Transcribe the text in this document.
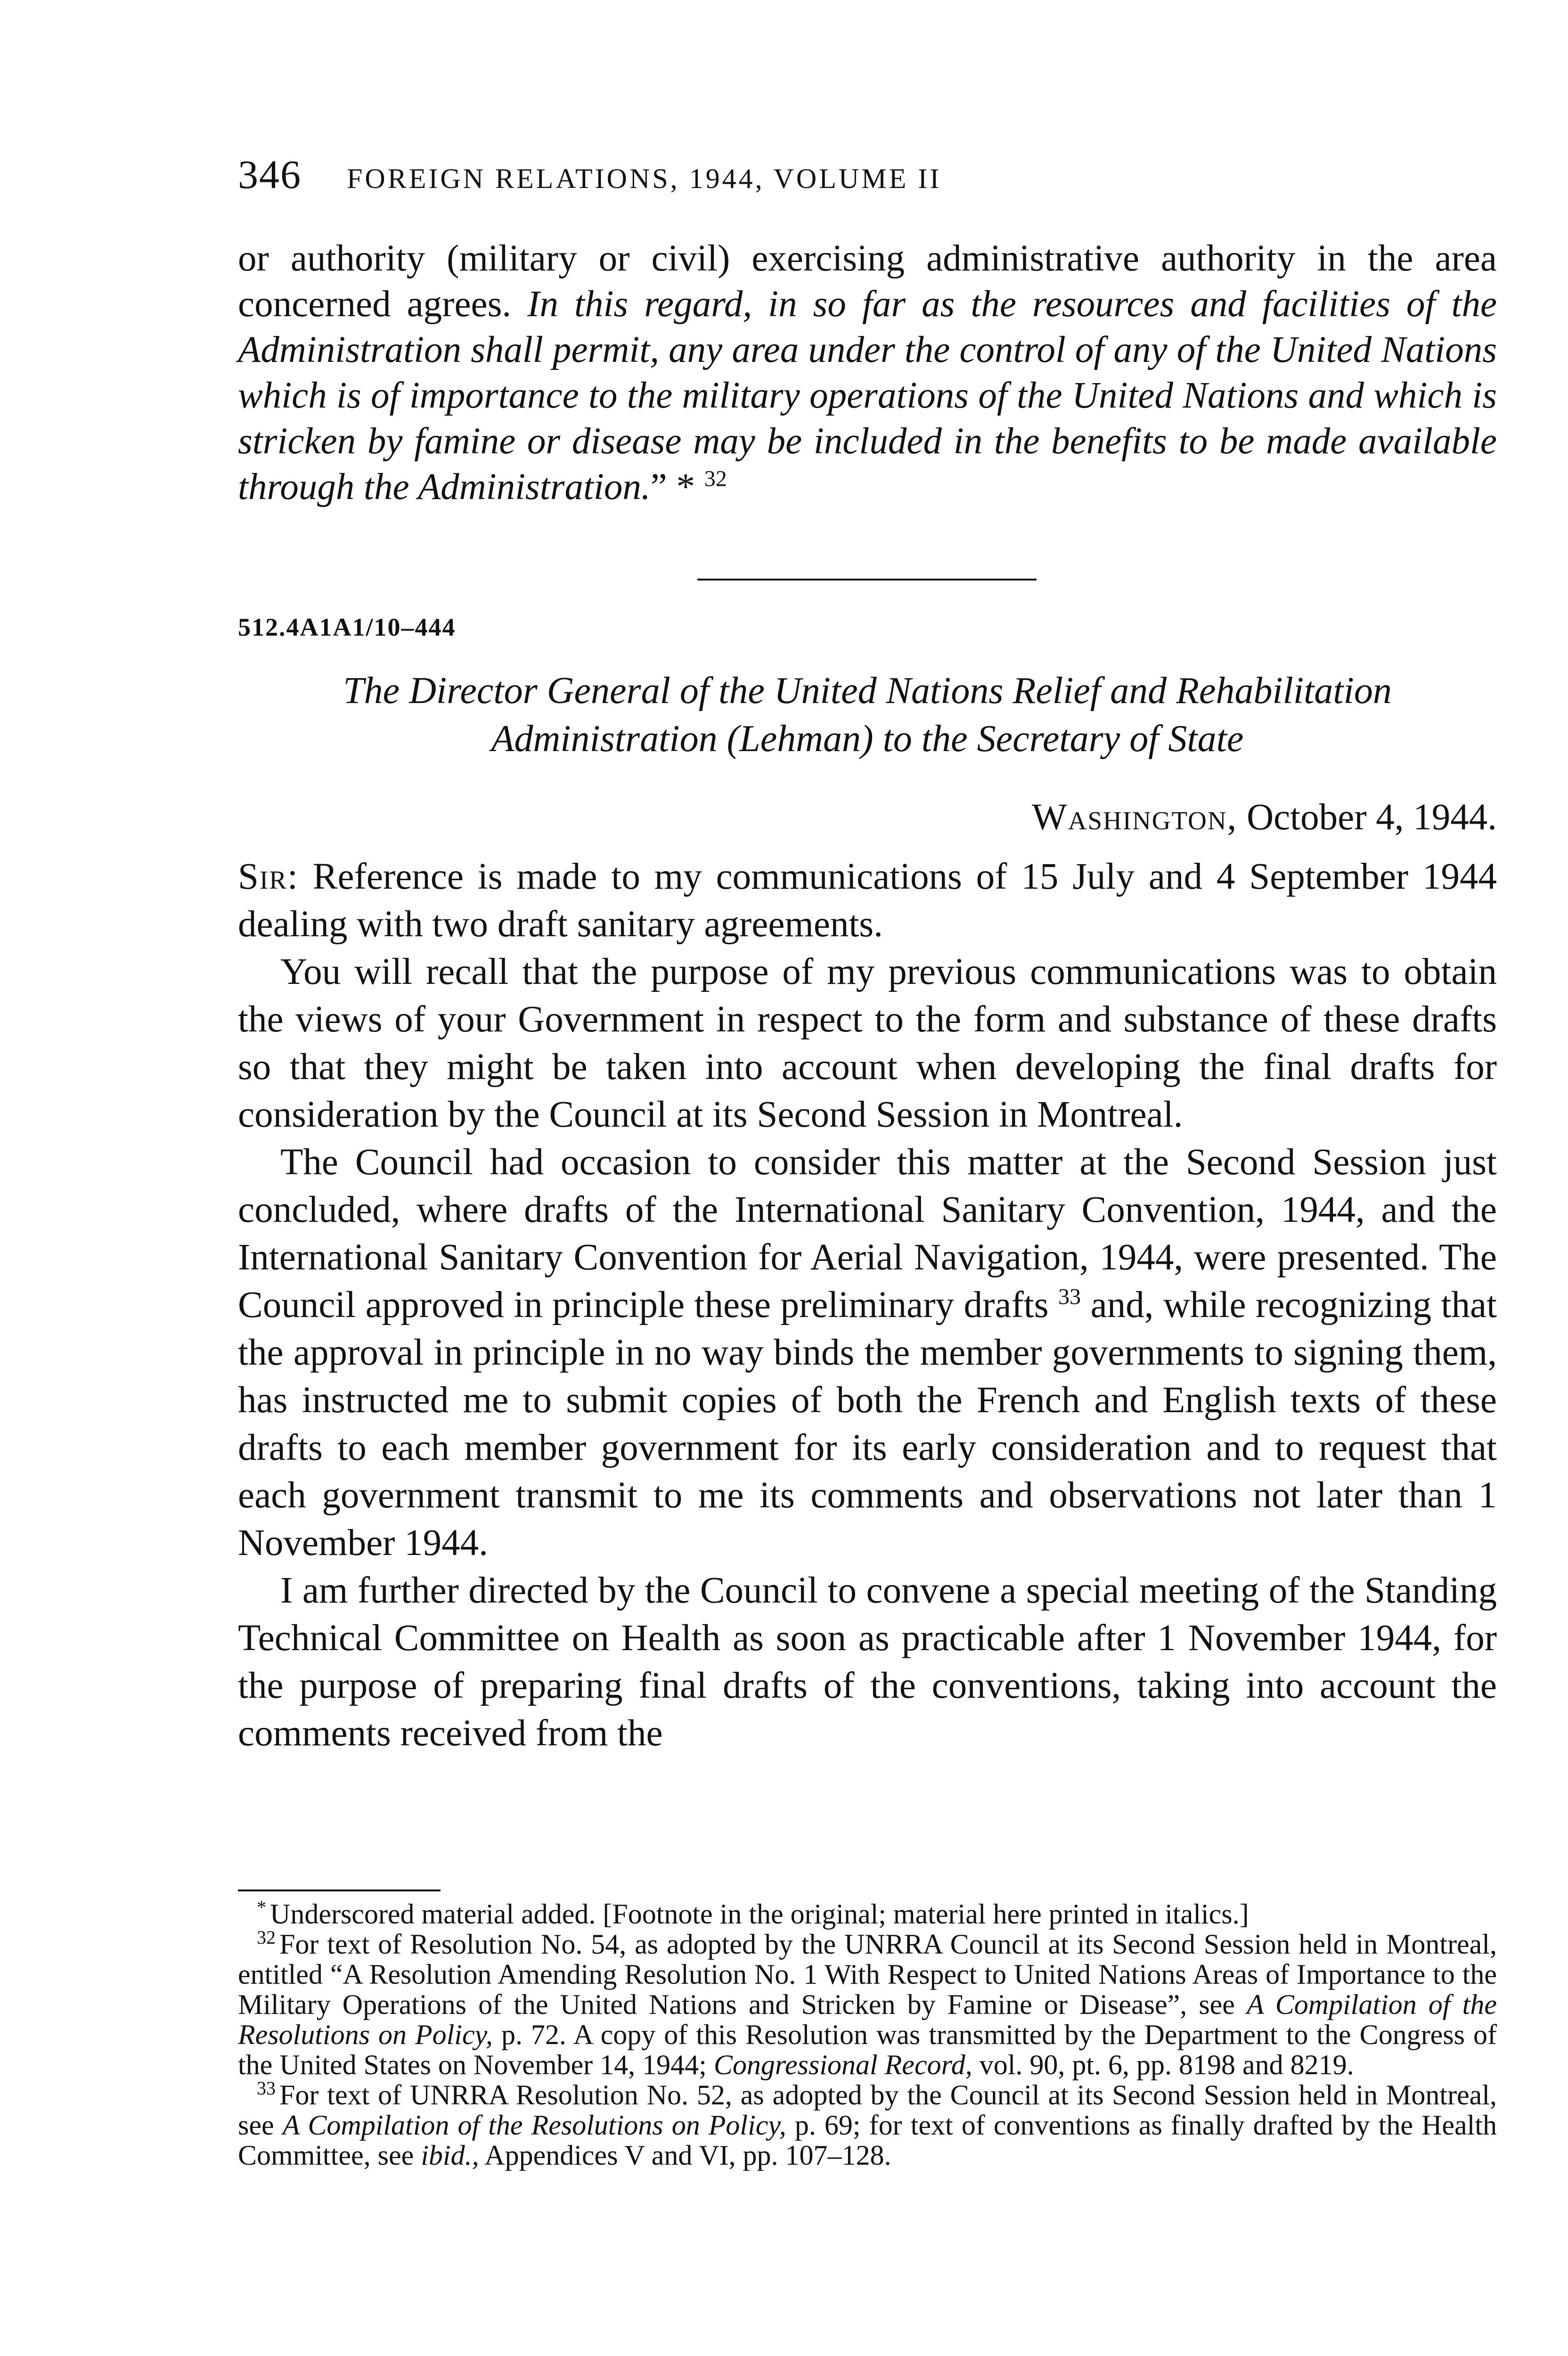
346 FOREIGN RELATIONS, 1944, VOLUME II
or authority (military or civil) exercising administrative authority in the area concerned agrees. In this regard, in so far as the resources and facilities of the Administration shall permit, any area under the control of any of the United Nations which is of importance to the military operations of the United Nations and which is stricken by famine or disease may be included in the benefits to be made available through the Administration.” * $^{32}$
512.4A1A1/10–444
The Director General of the United Nations Relief and Rehabilitation Administration (Lehman) to the Secretary of State
Washington, October 4, 1944.

Sir: Reference is made to my communications of 15 July and 4 September 1944 dealing with two draft sanitary agreements.

You will recall that the purpose of my previous communications was to obtain the views of your Government in respect to the form and substance of these drafts so that they might be taken into account when developing the final drafts for consideration by the Council at its Second Session in Montreal.

The Council had occasion to consider this matter at the Second Session just concluded, where drafts of the International Sanitary Convention, 1944, and the International Sanitary Convention for Aerial Navigation, 1944, were presented. The Council approved in principle these preliminary drafts $^{33}$ and, while recognizing that the approval in principle in no way binds the member governments to signing them, has instructed me to submit copies of both the French and English texts of these drafts to each member government for its early consideration and to request that each government transmit to me its comments and observations not later than 1 November 1944.

I am further directed by the Council to convene a special meeting of the Standing Technical Committee on Health as soon as practicable after 1 November 1944, for the purpose of preparing final drafts of the conventions, taking into account the comments received from the

* Underscored material added. [Footnote in the original; material here printed in italics.]

$^{32}$ For text of Resolution No. 54, as adopted by the UNRRA Council at its Second Session held in Montreal, entitled “A Resolution Amending Resolution No. 1 With Respect to United Nations Areas of Importance to the Military Operations of the United Nations and Stricken by Famine or Disease”, see A Compilation of the Resolutions on Policy, p. 72. A copy of this Resolution was transmitted by the Department to the Congress of the United States on November 14, 1944; Congressional Record, vol. 90, pt. 6, pp. 8198 and 8219.

$^{33}$ For text of UNRRA Resolution No. 52, as adopted by the Council at its Second Session held in Montreal, see A Compilation of the Resolutions on Policy, p. 69; for text of conventions as finally drafted by the Health Committee, see ibid., Appendices V and VI, pp. 107–128.
